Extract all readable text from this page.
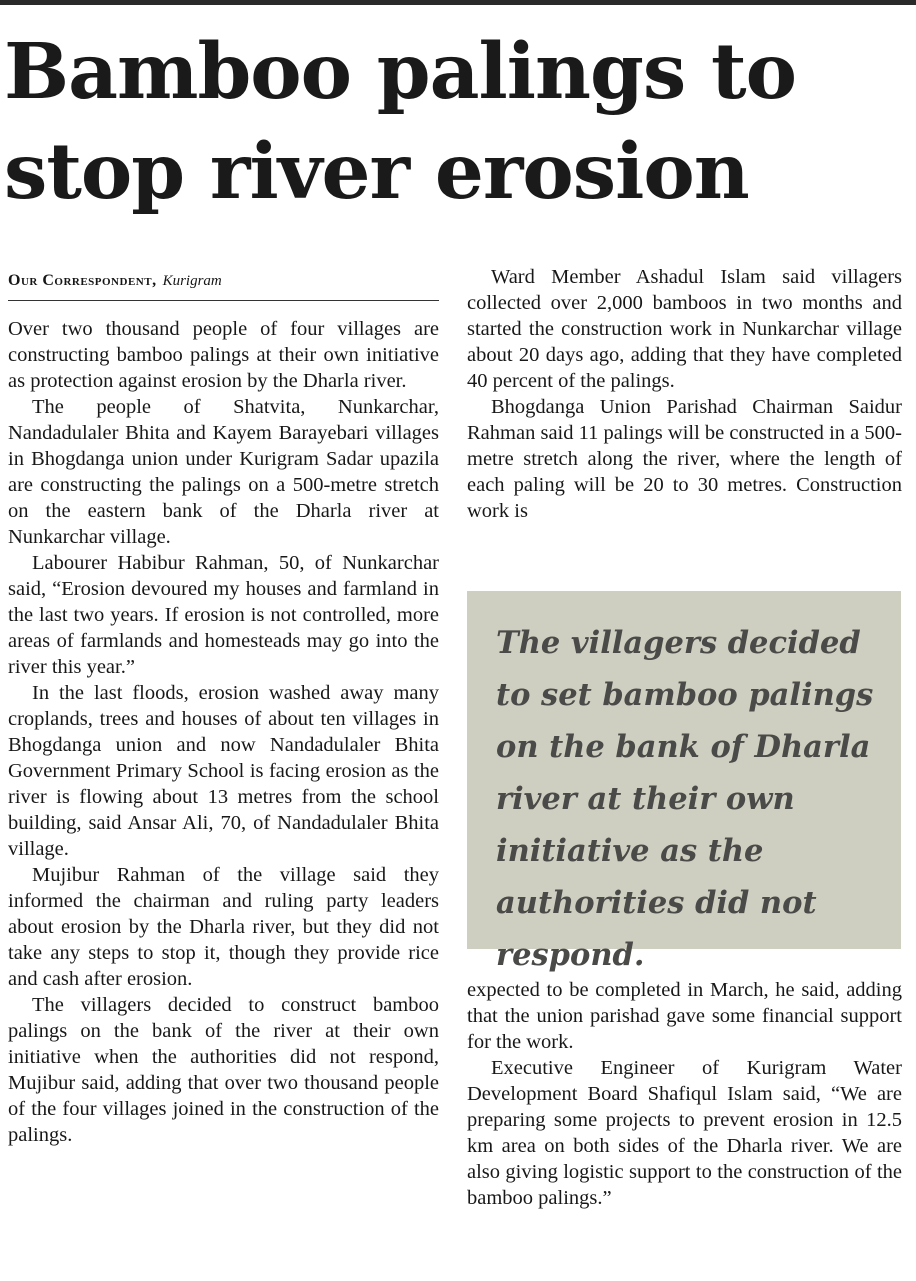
Bamboo palings to
stop river erosion
Our Correspondent, Kurigram

Over two thousand people of four villages are constructing bamboo palings at their own initiative as protection against erosion by the Dharla river.

The people of Shatvita, Nunkarchar, Nandadulaler Bhita and Kayem Barayebari villages in Bhogdanga union under Kurigram Sadar upazila are constructing the palings on a 500-metre stretch on the eastern bank of the Dharla river at Nunkarchar village.

Labourer Habibur Rahman, 50, of Nunkarchar said, “Erosion devoured my houses and farmland in the last two years. If erosion is not controlled, more areas of farmlands and homesteads may go into the river this year.”

In the last floods, erosion washed away many croplands, trees and houses of about ten villages in Bhogdanga union and now Nandadulaler Bhita Government Primary School is facing erosion as the river is flowing about 13 metres from the school building, said Ansar Ali, 70, of Nandadulaler Bhita village.

Mujibur Rahman of the village said they informed the chairman and ruling party leaders about erosion by the Dharla river, but they did not take any steps to stop it, though they provide rice and cash after erosion.

The villagers decided to construct bamboo palings on the bank of the river at their own initiative when the authorities did not respond, Mujibur said, adding that over two thousand people of the four villages joined in the construction of the palings.

Ward Member Ashadul Islam said villagers collected over 2,000 bamboos in two months and started the construction work in Nunkarchar village about 20 days ago, adding that they have completed 40 percent of the palings.

Bhogdanga Union Parishad Chairman Saidur Rahman said 11 palings will be constructed in a 500-metre stretch along the river, where the length of each paling will be 20 to 30 metres. Construction work is

The villagers decided to set bamboo palings on the bank of Dharla river at their own initiative as the authorities did not respond.

expected to be completed in March, he said, adding that the union parishad gave some financial support for the work.

Executive Engineer of Kurigram Water Development Board Shafiqul Islam said, “We are preparing some projects to prevent erosion in 12.5 km area on both sides of the Dharla river. We are also giving logistic support to the construction of the bamboo palings.”
